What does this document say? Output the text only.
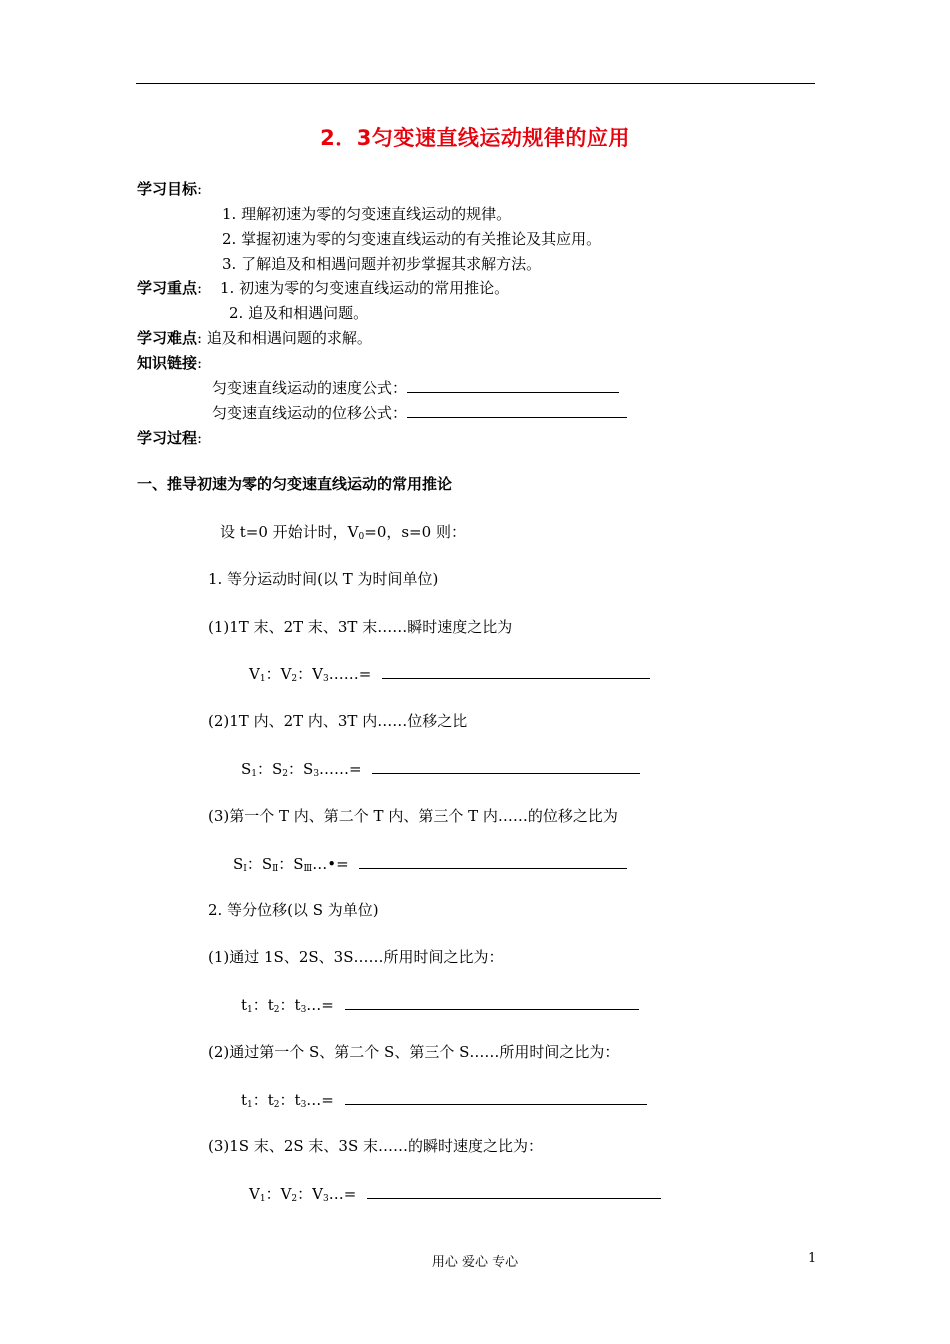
2．3匀变速直线运动规律的应用
学习目标:
1. 理解初速为零的匀变速直线运动的规律。
2. 掌握初速为零的匀变速直线运动的有关推论及其应用。
3. 了解追及和相遇问题并初步掌握其求解方法。
学习重点: 1. 初速为零的匀变速直线运动的常用推论。
2. 追及和相遇问题。
学习难点: 追及和相遇问题的求解。
知识链接:
匀变速直线运动的速度公式：
匀变速直线运动的位移公式：
学习过程:
一、推导初速为零的匀变速直线运动的常用推论
设 t=0 开始计时，$V_0=0$，s=0 则：
1. 等分运动时间(以 T 为时间单位)
(1)1T 末、2T 末、3T 末……瞬时速度之比为
$V_1$：$V_2$：$V_3\dots\dots=$
(2)1T 内、2T 内、3T 内……位移之比
$S_1$：$S_2$：$S_3\dots\dots=$
(3)第一个 T 内、第二个 T 内、第三个 T 内……的位移之比为
$S_Ⅰ$：$S_Ⅱ$：$S_Ⅲ\dots•=$
2. 等分位移(以 S 为单位)
(1)通过 1S、2S、3S……所用时间之比为：
$t_1$：$t_2$：$t_3\dots=$
(2)通过第一个 S、第二个 S、第三个 S……所用时间之比为：
$t_1$：$t_2$：$t_3\dots=$
(3)1S 末、2S 末、3S 末……的瞬时速度之比为：
$V_1$：$V_2$：$V_3\dots=$
用心 爱心 专心	1
